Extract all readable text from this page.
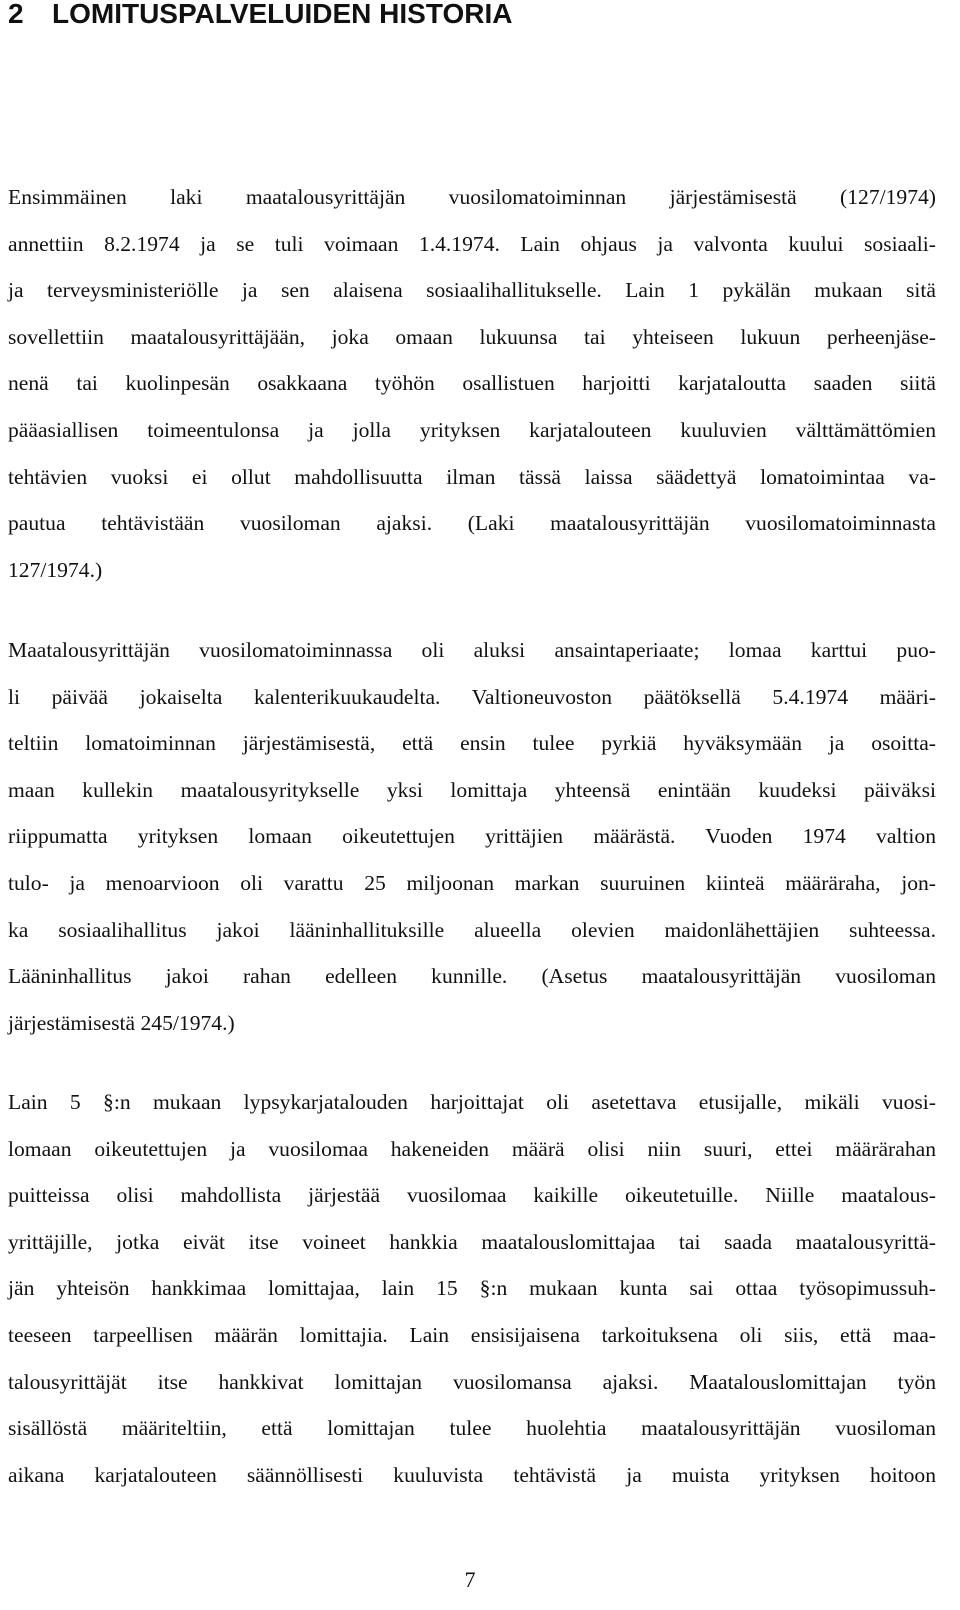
2 LOMITUSPALVELUIDEN HISTORIA
Ensimmäinen laki maatalousyrittäjän vuosilomatoiminnan järjestämisestä (127/1974)
annettiin 8.2.1974 ja se tuli voimaan 1.4.1974. Lain ohjaus ja valvonta kuului sosiaali-
ja terveysministeriölle ja sen alaisena sosiaalihallitukselle. Lain 1 pykälän mukaan sitä
sovellettiin maatalousyrittäjään, joka omaan lukuunsa tai yhteiseen lukuun perheenjäse-
nenä tai kuolinpesän osakkaana työhön osallistuen harjoitti karjataloutta saaden siitä
pääasiallisen toimeentulonsa ja jolla yrityksen karjatalouteen kuuluvien välttämättömien
tehtävien vuoksi ei ollut mahdollisuutta ilman tässä laissa säädettyä lomatoimintaa va-
pautua tehtävistään vuosiloman ajaksi. (Laki maatalousyrittäjän vuosilomatoiminnasta
127/1974.)
Maatalousyrittäjän vuosilomatoiminnassa oli aluksi ansaintaperiaate; lomaa karttui puo-
li päivää jokaiselta kalenterikuukaudelta. Valtioneuvoston päätöksellä 5.4.1974 määri-
teltiin lomatoiminnan järjestämisestä, että ensin tulee pyrkiä hyväksymään ja osoitta-
maan kullekin maatalousyritykselle yksi lomittaja yhteensä enintään kuudeksi päiväksi
riippumatta yrityksen lomaan oikeutettujen yrittäjien määrästä. Vuoden 1974 valtion
tulo- ja menoarvioon oli varattu 25 miljoonan markan suuruinen kiinteä määräraha, jon-
ka sosiaalihallitus jakoi lääninhallituksille alueella olevien maidonlähettäjien suhteessa.
Lääninhallitus jakoi rahan edelleen kunnille. (Asetus maatalousyrittäjän vuosiloman
järjestämisestä 245/1974.)
Lain 5 §:n mukaan lypsykarjatalouden harjoittajat oli asetettava etusijalle, mikäli vuosi-
lomaan oikeutettujen ja vuosilomaa hakeneiden määrä olisi niin suuri, ettei määrärahan
puitteissa olisi mahdollista järjestää vuosilomaa kaikille oikeutetuille. Niille maatalous-
yrittäjille, jotka eivät itse voineet hankkia maatalouslomittajaa tai saada maatalousyrittä-
jän yhteisön hankkimaa lomittajaa, lain 15 §:n mukaan kunta sai ottaa työsopimussuh-
teeseen tarpeellisen määrän lomittajia. Lain ensisijaisena tarkoituksena oli siis, että maa-
talousyrittäjät itse hankkivat lomittajan vuosilomansa ajaksi. Maatalouslomittajan työn
sisällöstä määriteltiin, että lomittajan tulee huolehtia maatalousyrittäjän vuosiloman
aikana karjatalouteen säännöllisesti kuuluvista tehtävistä ja muista yrityksen hoitoon
7
